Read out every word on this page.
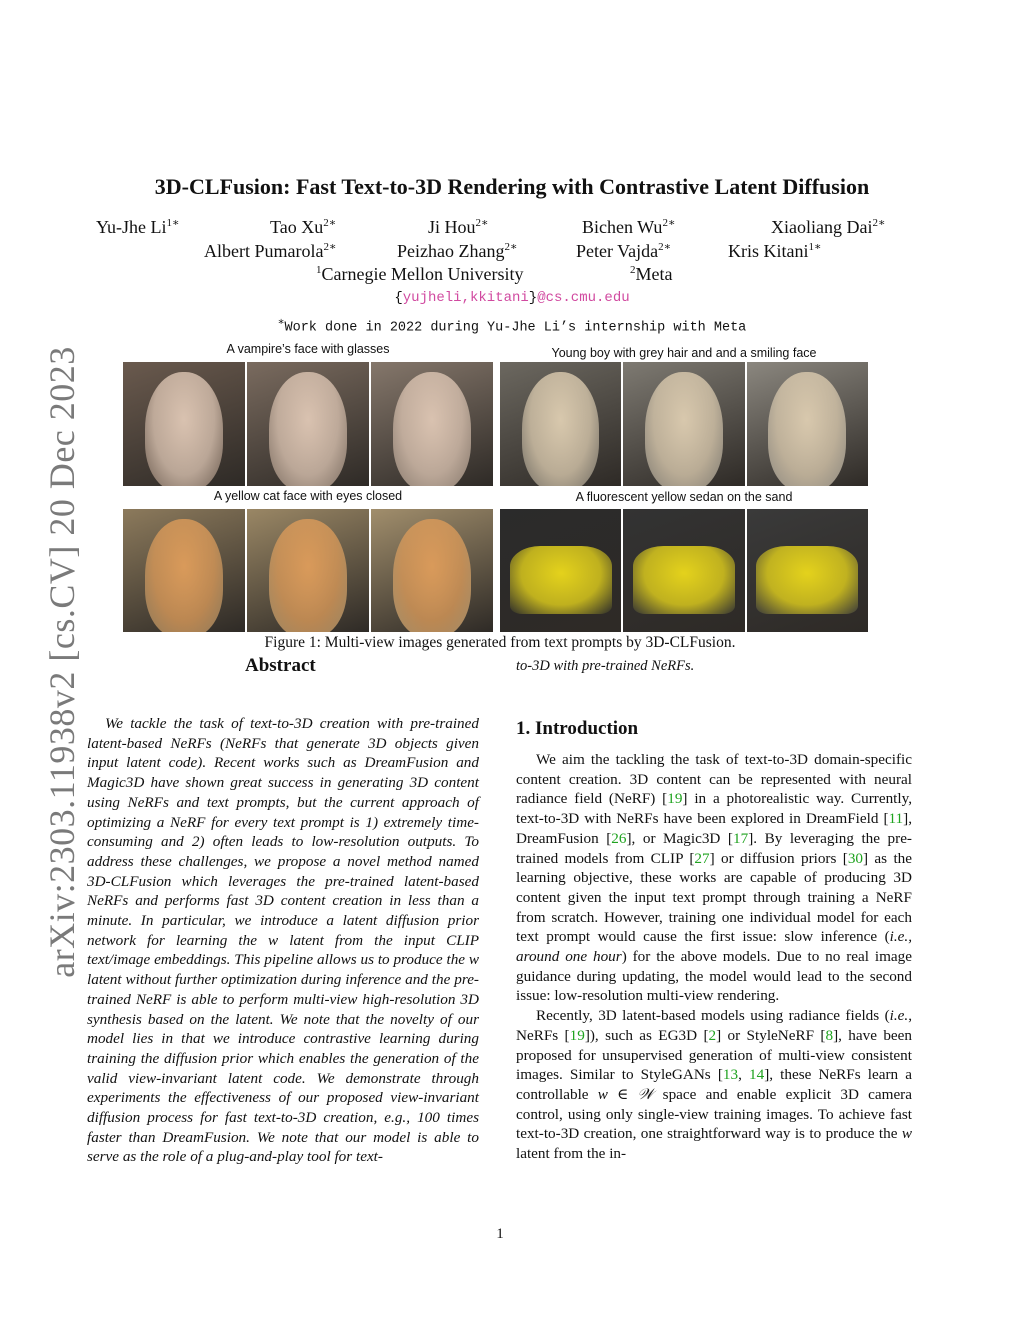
arXiv:2303.11938v2 [cs.CV] 20 Dec 2023
3D-CLFusion: Fast Text-to-3D Rendering with Contrastive Latent Diffusion
Yu-Jhe $Li^{1∗}$	Tao $Xu^{2∗}$	Ji Hou$^{2∗}$	Bichen $Wu^{2∗}$	Xiaoliang Dai$^{2∗}$
Albert Pumarola$^{2∗}$	Peizhao Zhang$^{2∗}$	Peter Vajda$^{2∗}$	Kris Kitani$^{1∗}$
$^1$Carnegie Mellon University	$^2$Meta
{yujheli,kkitani}@cs.cmu.edu
∗Work done in 2022 during Yu-Jhe Li’s internship with Meta
A vampire’s face with glasses	Young boy with grey hair and and a smiling face
A yellow cat face with eyes closed	A fluorescent yellow sedan on the sand
Figure 1: Multi-view images generated from text prompts by 3D-CLFusion.
Abstract	to-3D with pre-trained NeRFs.
We tackle the task of text-to-3D creation with pre-trained latent-based NeRFs (NeRFs that generate 3D objects given input latent code). Recent works such as DreamFusion and Magic3D have shown great success in generating 3D content using NeRFs and text prompts, but the current approach of optimizing a NeRF for every text prompt is 1) extremely time-consuming and 2) often leads to low-resolution outputs. To address these challenges, we propose a novel method named 3D-CLFusion which leverages the pre-trained latent-based NeRFs and performs fast 3D content creation in less than a minute. In particular, we introduce a latent diffusion prior network for learning the w latent from the input CLIP text/image embeddings. This pipeline allows us to produce the w latent without further optimization during inference and the pre-trained NeRF is able to perform multi-view high-resolution 3D synthesis based on the latent. We note that the novelty of our model lies in that we introduce contrastive learning during training the diffusion prior which enables the generation of the valid view-invariant latent code. We demonstrate through experiments the effectiveness of our proposed view-invariant diffusion process for fast text-to-3D creation, e.g., 100 times faster than DreamFusion. We note that our model is able to serve as the role of a plug-and-play tool for text-
1. Introduction

We aim the tackling the task of text-to-3D domain-specific content creation. 3D content can be represented with neural radiance field (NeRF) [19] in a photorealistic way. Currently, text-to-3D with NeRFs have been explored in DreamField [11], DreamFusion [26], or Magic3D [17]. By leveraging the pre-trained models from CLIP [27] or diffusion priors [30] as the learning objective, these works are capable of producing 3D content given the input text prompt through training a NeRF from scratch. However, training one individual model for each text prompt would cause the first issue: slow inference (i.e., around one hour) for the above models. Due to no real image guidance during updating, the model would lead to the second issue: low-resolution multi-view rendering.

Recently, 3D latent-based models using radiance fields (i.e., NeRFs [19]), such as EG3D [2] or StyleNeRF [8], have been proposed for unsupervised generation of multi-view consistent images. Similar to StyleGANs [13, 14], these NeRFs learn a controllable w ∈ 𝒲 space and enable explicit 3D camera control, using only single-view training images. To achieve fast text-to-3D creation, one straightforward way is to produce the w latent from the in-

1
